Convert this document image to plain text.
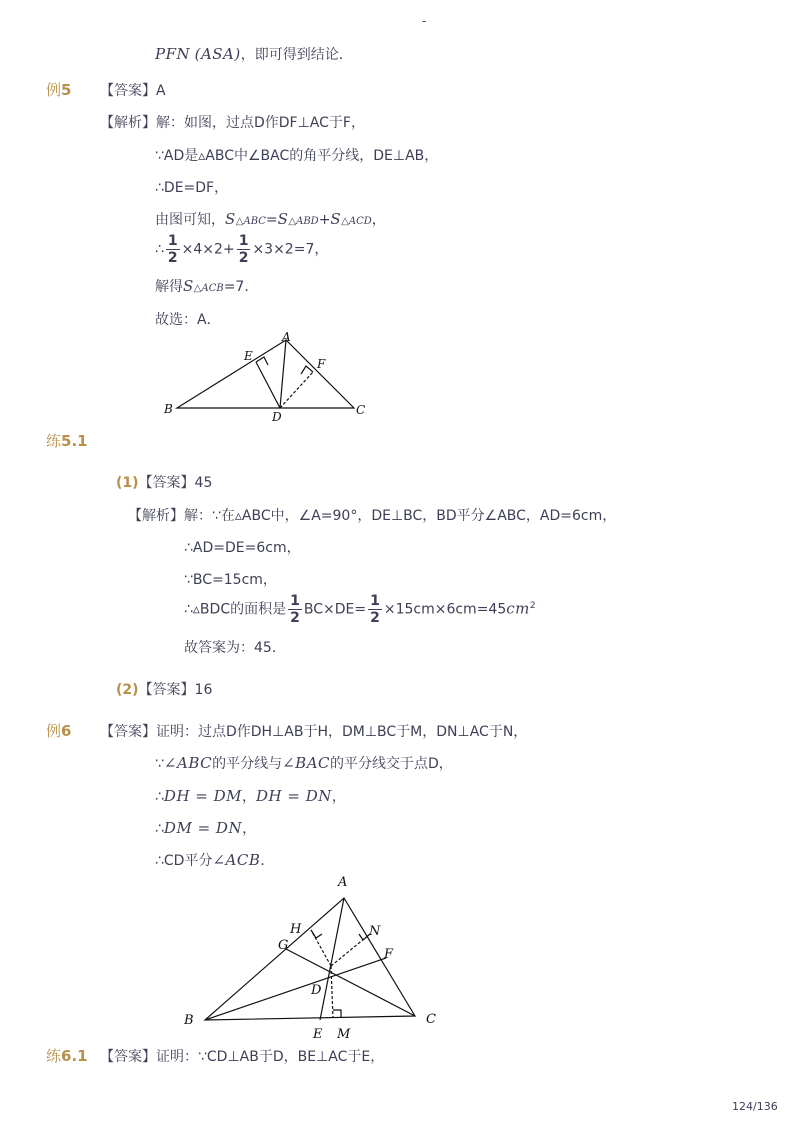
-
PFN (ASA)，即可得到结论．
例5 【答案】A
【解析】解：如图，过点D作DF⊥AC于F，
∵AD是▵ABC中∠BAC的角平分线，DE⊥AB，
∴DE=DF，
由图可知，S△ABC=S△ABD+S△ACD，
∴ $\frac{1}{2} \times 4\times 2+ \frac{1}{2} \times 3\times 2=7$，
解得S△ACB=7．
故选：A．
A
B	C
D
E
F
练5.1
(1)【答案】45
【解析】解：∵在▵ABC中，∠A=90°，DE⊥BC，BD平分∠ABC，AD=6cm，
∴AD=DE=6cm，
∵BC=15cm，
∴▵BDC的面积是 $\frac{1}{2} BC\times DE= \frac{1}{2} \times 15cm\times 6cm=45cm^2$
故答案为：45．
(2)【答案】16
例6 【答案】证明：过点D作DH⊥AB于H，DM⊥BC于M，DN⊥AC于N，
∵∠ABC的平分线与∠BAC的平分线交于点D，
∴DH = DM，DH = DN，
∴DM = DN，
∴CD平分∠ACB．
A
B	C
D
E
F
G
H
M
N
练6.1 【答案】证明：∵CD⊥AB于D，BE⊥AC于E，
124/136
